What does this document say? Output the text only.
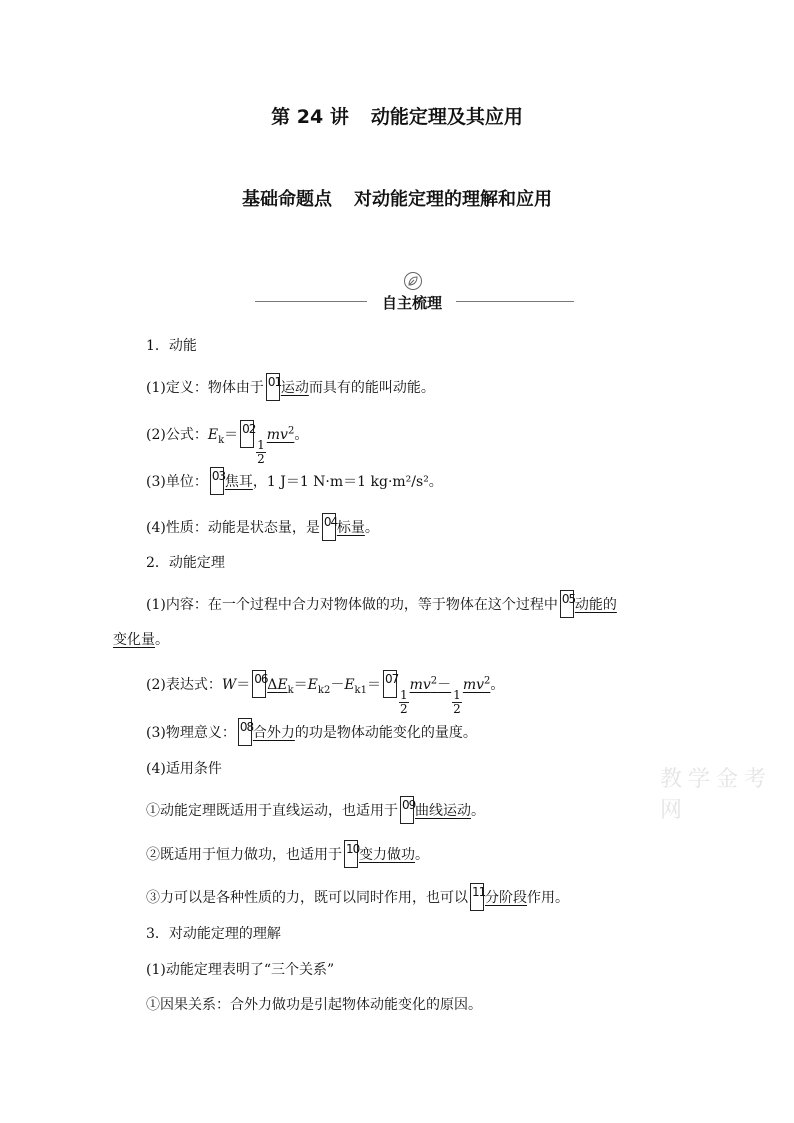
第 24 讲 动能定理及其应用
基础命题点 对动能定理的理解和应用
自主梳理
1．动能
(1)定义：物体由于 01 运动而具有的能叫动能。
(2)公式：$E_k= 02$
$\frac{1}{2}$
$mv^2$。
(3)单位： 03 焦耳，1 J＝1 N·m＝1 kg·m²/s²。
(4)性质：动能是状态量，是 04 标量。
2．动能定理
(1)内容：在一个过程中合力对物体做的功，等于物体在这个过程中 05 动能的
变化量。
(2)表达式：W＝ 06 $\Delta E_k=E_{k2}-E_{k1}= 07$
$\frac{1}{2}$
$mv^2-$
$\frac{1}{2}$
$mv^2$。
(3)物理意义： 08 合外力的功是物体动能变化的量度。
(4)适用条件
①动能定理既适用于直线运动，也适用于 09 曲线运动。
②既适用于恒力做功，也适用于 10 变力做功。
③力可以是各种性质的力，既可以同时作用，也可以 11 分阶段作用。
3．对动能定理的理解
(1)动能定理表明了“三个关系”
①因果关系：合外力做功是引起物体动能变化的原因。
教学金考网
